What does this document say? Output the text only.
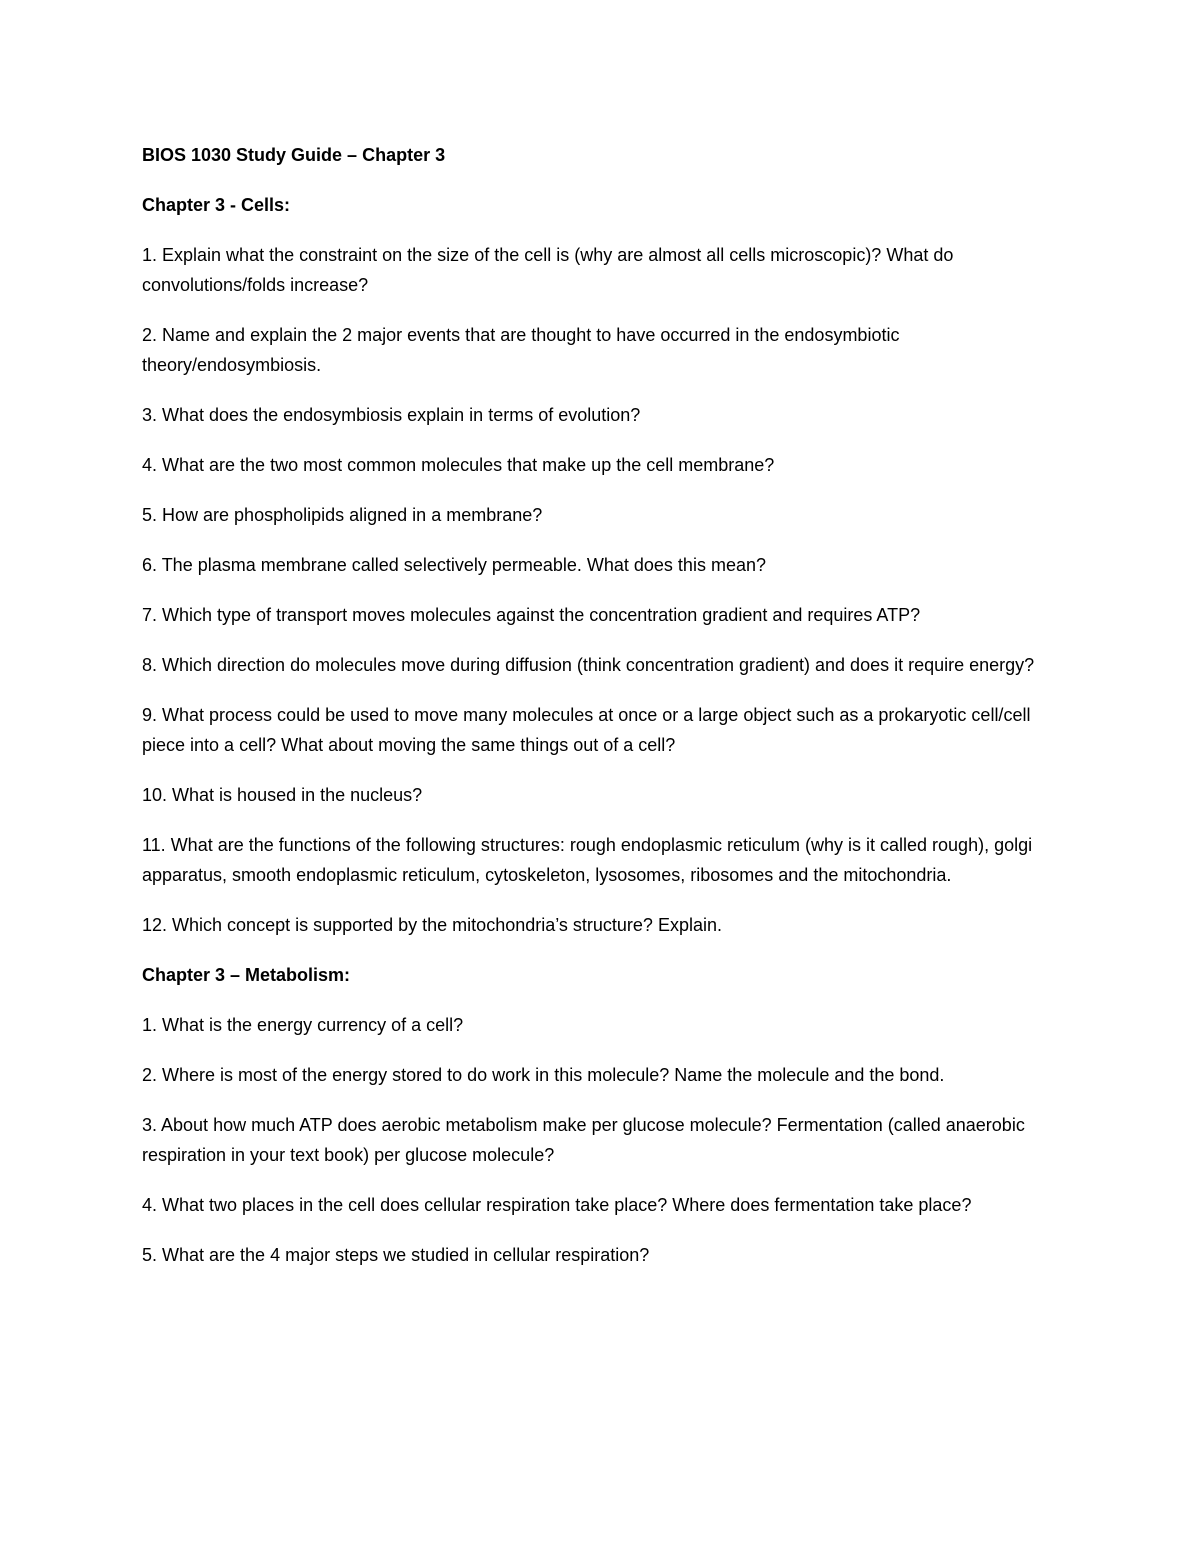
BIOS 1030 Study Guide – Chapter 3
Chapter 3 - Cells:
1. Explain what the constraint on the size of the cell is (why are almost all cells microscopic)? What do convolutions/folds increase?
2. Name and explain the 2 major events that are thought to have occurred in the endosymbiotic theory/endosymbiosis.
3. What does the endosymbiosis explain in terms of evolution?
4. What are the two most common molecules that make up the cell membrane?
5. How are phospholipids aligned in a membrane?
6. The plasma membrane called selectively permeable. What does this mean?
7. Which type of transport moves molecules against the concentration gradient and requires ATP?
8. Which direction do molecules move during diffusion (think concentration gradient) and does it require energy?
9. What process could be used to move many molecules at once or a large object such as a prokaryotic cell/cell piece into a cell? What about moving the same things out of a cell?
10. What is housed in the nucleus?
11. What are the functions of the following structures: rough endoplasmic reticulum (why is it called rough), golgi apparatus, smooth endoplasmic reticulum, cytoskeleton, lysosomes, ribosomes and the mitochondria.
12. Which concept is supported by the mitochondria’s structure? Explain.
Chapter 3 – Metabolism:
1. What is the energy currency of a cell?
2. Where is most of the energy stored to do work in this molecule? Name the molecule and the bond.
3. About how much ATP does aerobic metabolism make per glucose molecule? Fermentation (called anaerobic respiration in your text book) per glucose molecule?
4. What two places in the cell does cellular respiration take place? Where does fermentation take place?
5. What are the 4 major steps we studied in cellular respiration?
